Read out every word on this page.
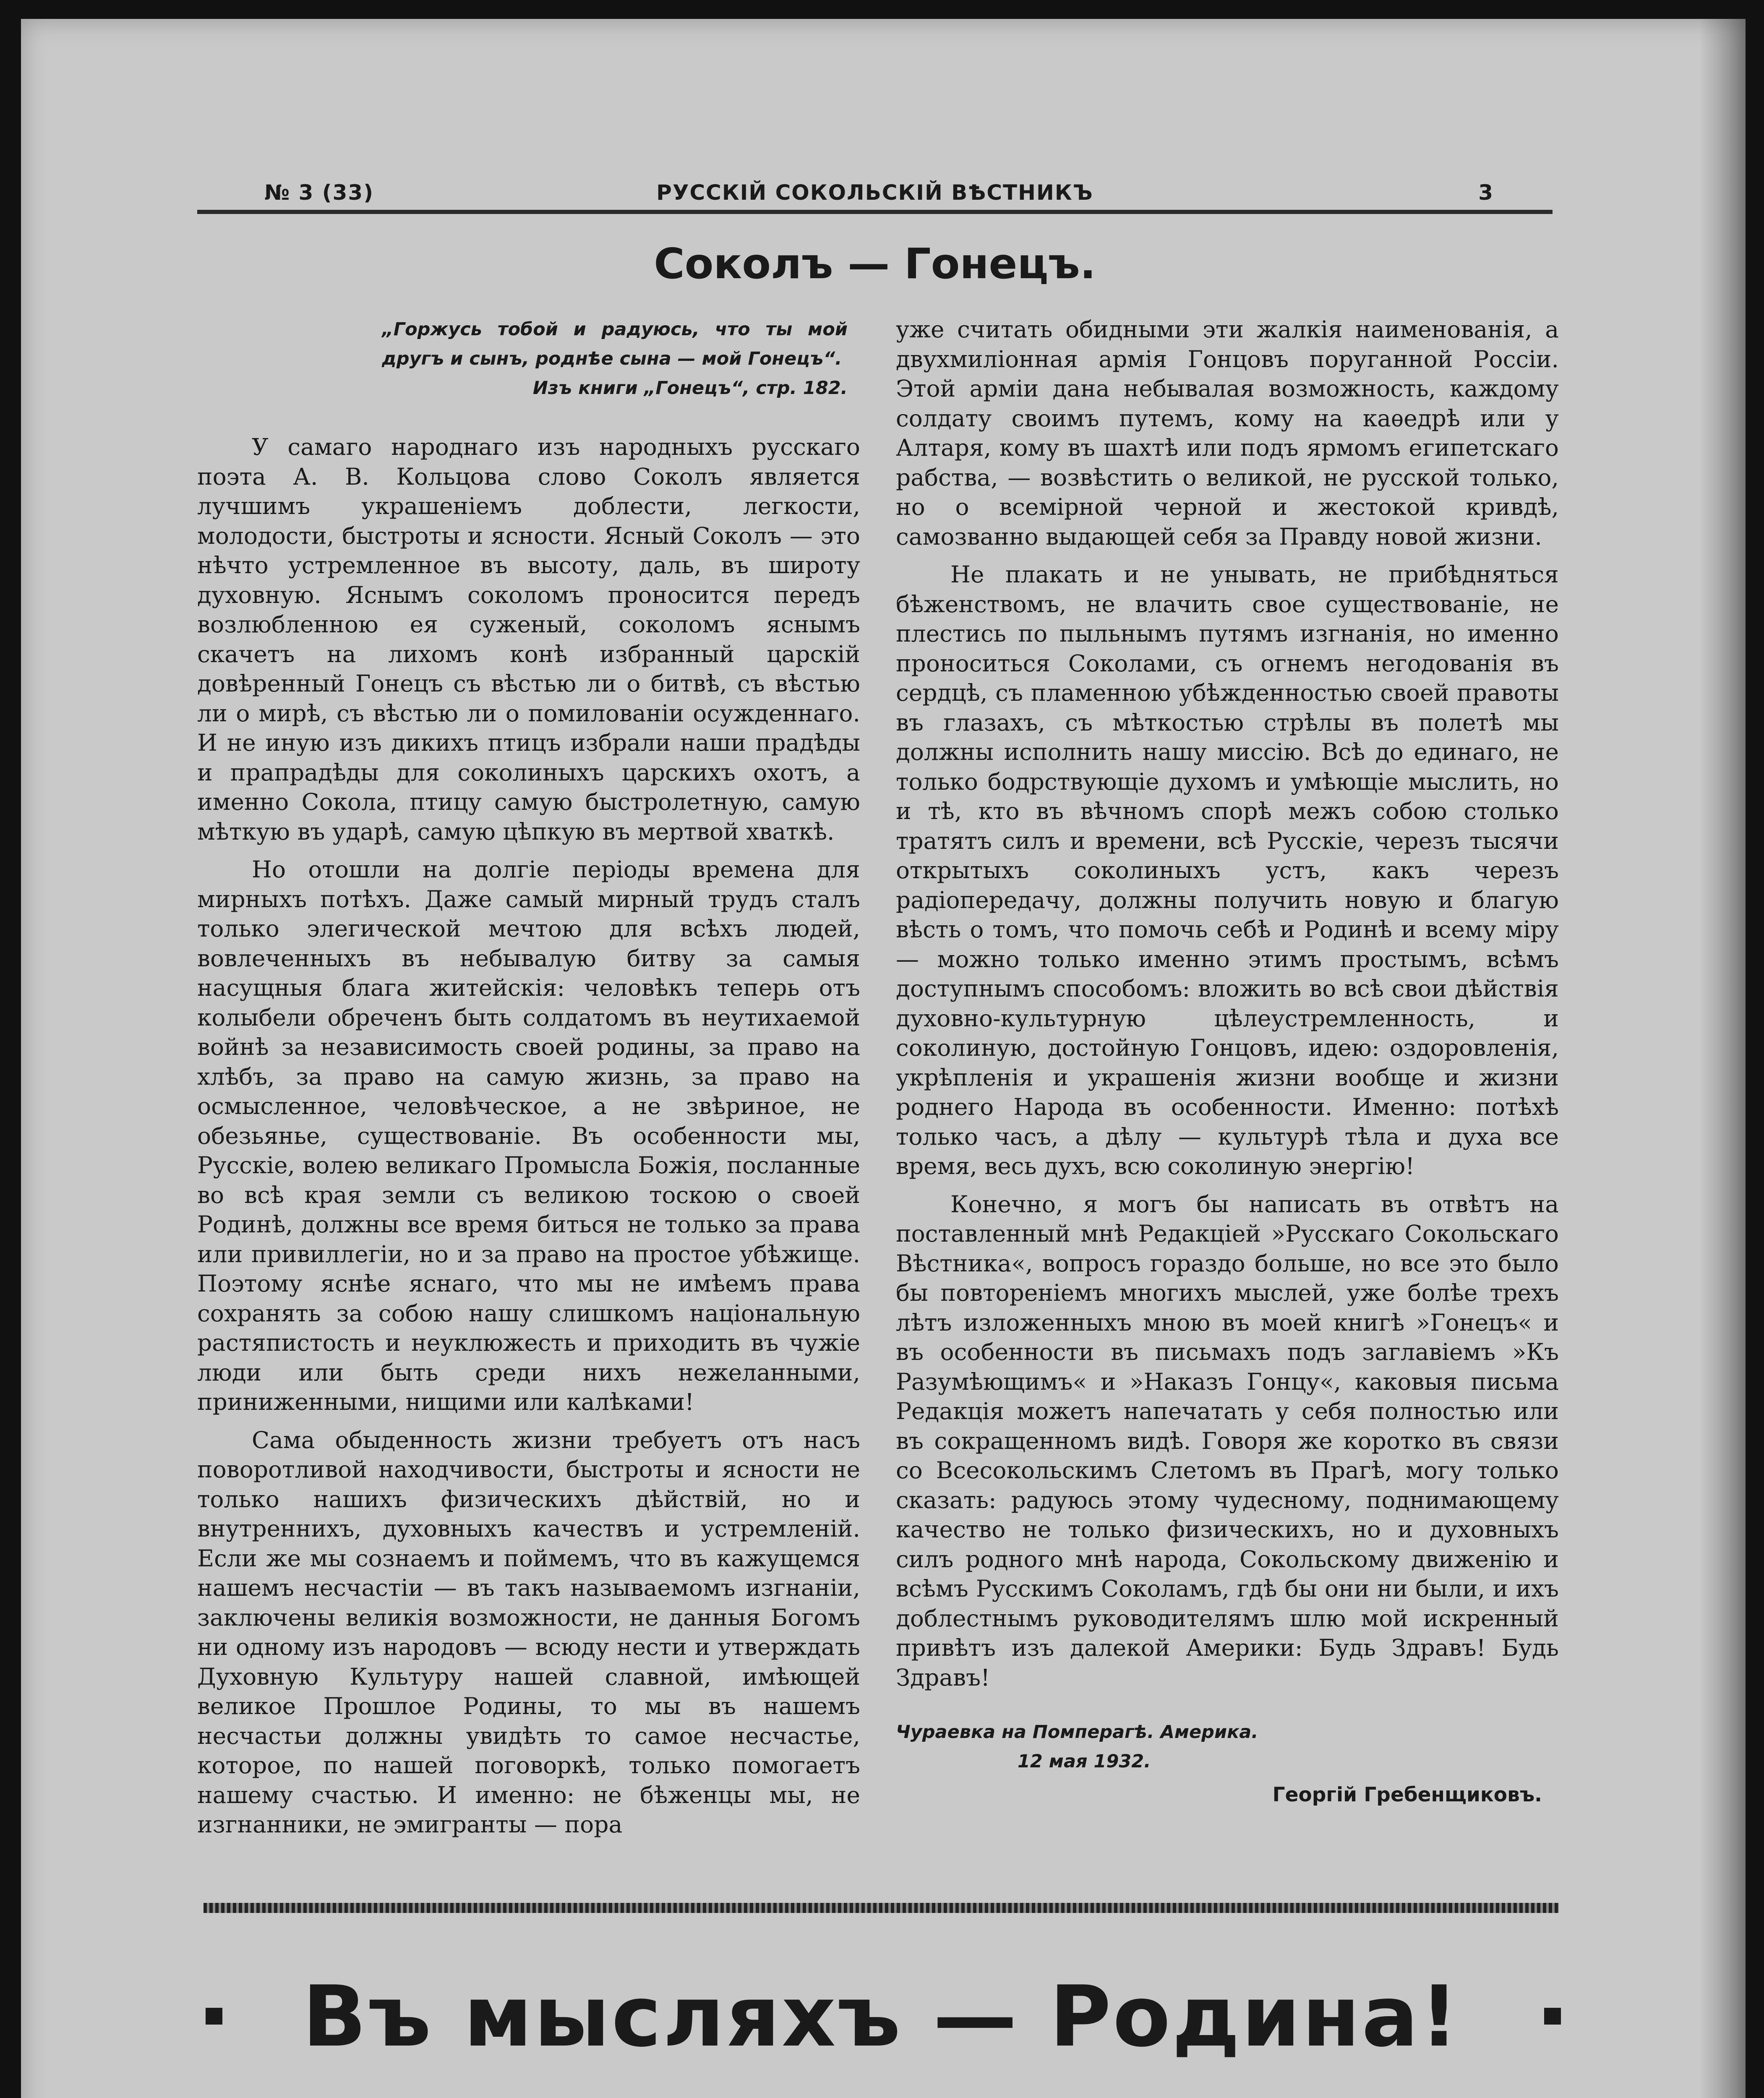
№ 3 (33)	РУССКIЙ СОКОЛЬСКIЙ ВѢСТНИКЪ	3
Соколъ — Гонецъ.
„Горжусь тобой и радуюсь, что ты мой другъ и сынъ, роднѣе сына — мой Гонецъ“.
Изъ книги „Гонецъ“, стр. 182.

У самаго народнаго изъ народныхъ русскаго поэта А. В. Кольцова слово Соколъ является лучшимъ украшенiемъ доблести, легкости, молодости, быстроты и ясности. Ясный Соколъ — это нѣчто устремленное въ высоту, даль, въ широту духовную. Яснымъ соколомъ проносится передъ возлюбленною ея суженый, соколомъ яснымъ скачетъ на лихомъ конѣ избранный царскiй довѣренный Гонецъ съ вѣстью ли о битвѣ, съ вѣстью ли о мирѣ, съ вѣстью ли о помилованiи осужденнаго. И не иную изъ дикихъ птицъ избрали наши прадѣды и прапрадѣды для соколиныхъ царскихъ охотъ, а именно Сокола, птицу самую быстролетную, самую мѣткую въ ударѣ, самую цѣпкую въ мертвой хваткѣ.

Но отошли на долгiе перiоды времена для мирныхъ потѣхъ. Даже самый мирный трудъ сталъ только элегической мечтою для всѣхъ людей, вовлеченныхъ въ небывалую битву за самыя насущныя блага житейскiя: человѣкъ теперь отъ колыбели обреченъ быть солдатомъ въ неутихаемой войнѣ за независимость своей родины, за право на хлѣбъ, за право на самую жизнь, за право на осмысленное, человѣческое, а не звѣриное, не обезьянье, существованiе. Въ особенности мы, Русскiе, волею великаго Промысла Божiя, посланные во всѣ края земли съ великою тоскою о своей Родинѣ, должны все время биться не только за права или привиллегiи, но и за право на простое убѣжище. Поэтому яснѣе яснаго, что мы не имѣемъ права сохранять за собою нашу слишкомъ нацiональную растяпистость и неуклюжесть и приходить въ чужiе люди или быть среди нихъ нежеланными, приниженными, нищими или калѣками!

Сама обыденность жизни требуетъ отъ насъ поворотливой находчивости, быстроты и ясности не только нашихъ физическихъ дѣйствiй, но и внутреннихъ, духовныхъ качествъ и устремленiй. Если же мы сознаемъ и поймемъ, что въ кажущемся нашемъ несчастiи — въ такъ называемомъ изгнанiи, заключены великiя возможности, не данныя Богомъ ни одному изъ народовъ — всюду нести и утверждать Духовную Культуру нашей славной, имѣющей великое Прошлое Родины, то мы въ нашемъ несчастьи должны увидѣть то самое несчастье, которое, по нашей поговоркѣ, только помогаетъ нашему счастью. И именно: не бѣженцы мы, не изгнанники, не эмигранты — пора

уже считать обидными эти жалкiя наименованiя, а двухмилiонная армiя Гонцовъ поруганной Россiи. Этой армiи дана небывалая возможность, каждому солдату своимъ путемъ, кому на каѳедрѣ или у Алтаря, кому въ шахтѣ или подъ ярмомъ египетскаго рабства, — возвѣстить о великой, не русской только, но о всемiрной черной и жестокой кривдѣ, самозванно выдающей себя за Правду новой жизни.

Не плакать и не унывать, не прибѣдняться бѣженствомъ, не влачить свое существованiе, не плестись по пыльнымъ путямъ изгнанiя, но именно проноситься Соколами, съ огнемъ негодованiя въ сердцѣ, съ пламенною убѣжденностью своей правоты въ глазахъ, съ мѣткостью стрѣлы въ полетѣ мы должны исполнить нашу миссiю. Всѣ до единаго, не только бодрствующiе духомъ и умѣющiе мыслить, но и тѣ, кто въ вѣчномъ спорѣ межъ собою столько тратятъ силъ и времени, всѣ Русскiе, черезъ тысячи открытыхъ соколиныхъ устъ, какъ черезъ радiопередачу, должны получить новую и благую вѣсть о томъ, что помочь себѣ и Родинѣ и всему мiру — можно только именно этимъ простымъ, всѣмъ доступнымъ способомъ: вложить во всѣ свои дѣйствiя духовно-культурную цѣлеустремленность, и соколиную, достойную Гонцовъ, идею: оздоровленiя, укрѣпленiя и украшенiя жизни вообще и жизни роднего Народа въ особенности. Именно: потѣхѣ только часъ, а дѣлу — культурѣ тѣла и духа все время, весь духъ, всю соколиную энергiю!

Конечно, я могъ бы написать въ отвѣтъ на поставленный мнѣ Редакцiей »Русскаго Сокольскаго Вѣстника«, вопросъ гораздо больше, но все это было бы повторенiемъ многихъ мыслей, уже болѣе трехъ лѣтъ изложенныхъ мною въ моей книгѣ »Гонецъ« и въ особенности въ письмахъ подъ заглавiемъ »Къ Разумѣющимъ« и »Наказъ Гонцу«, каковыя письма Редакцiя можетъ напечатать у себя полностью или въ сокращенномъ видѣ. Говоря же коротко въ связи со Всесокольскимъ Слетомъ въ Прагѣ, могу только сказать: радуюсь этому чудесному, поднимающему качество не только физическихъ, но и духовныхъ силъ родного мнѣ народа, Сокольскому движенiю и всѣмъ Русскимъ Соколамъ, гдѣ бы они ни были, и ихъ доблестнымъ руководителямъ шлю мой искренный привѣтъ изъ далекой Америки: Будь Здравъ! Будь Здравъ!

Чураевка на Помперагѣ. Америка.
12 мая 1932.
Георгiй Гребенщиковъ.
Въ мысляхъ — Родина!
